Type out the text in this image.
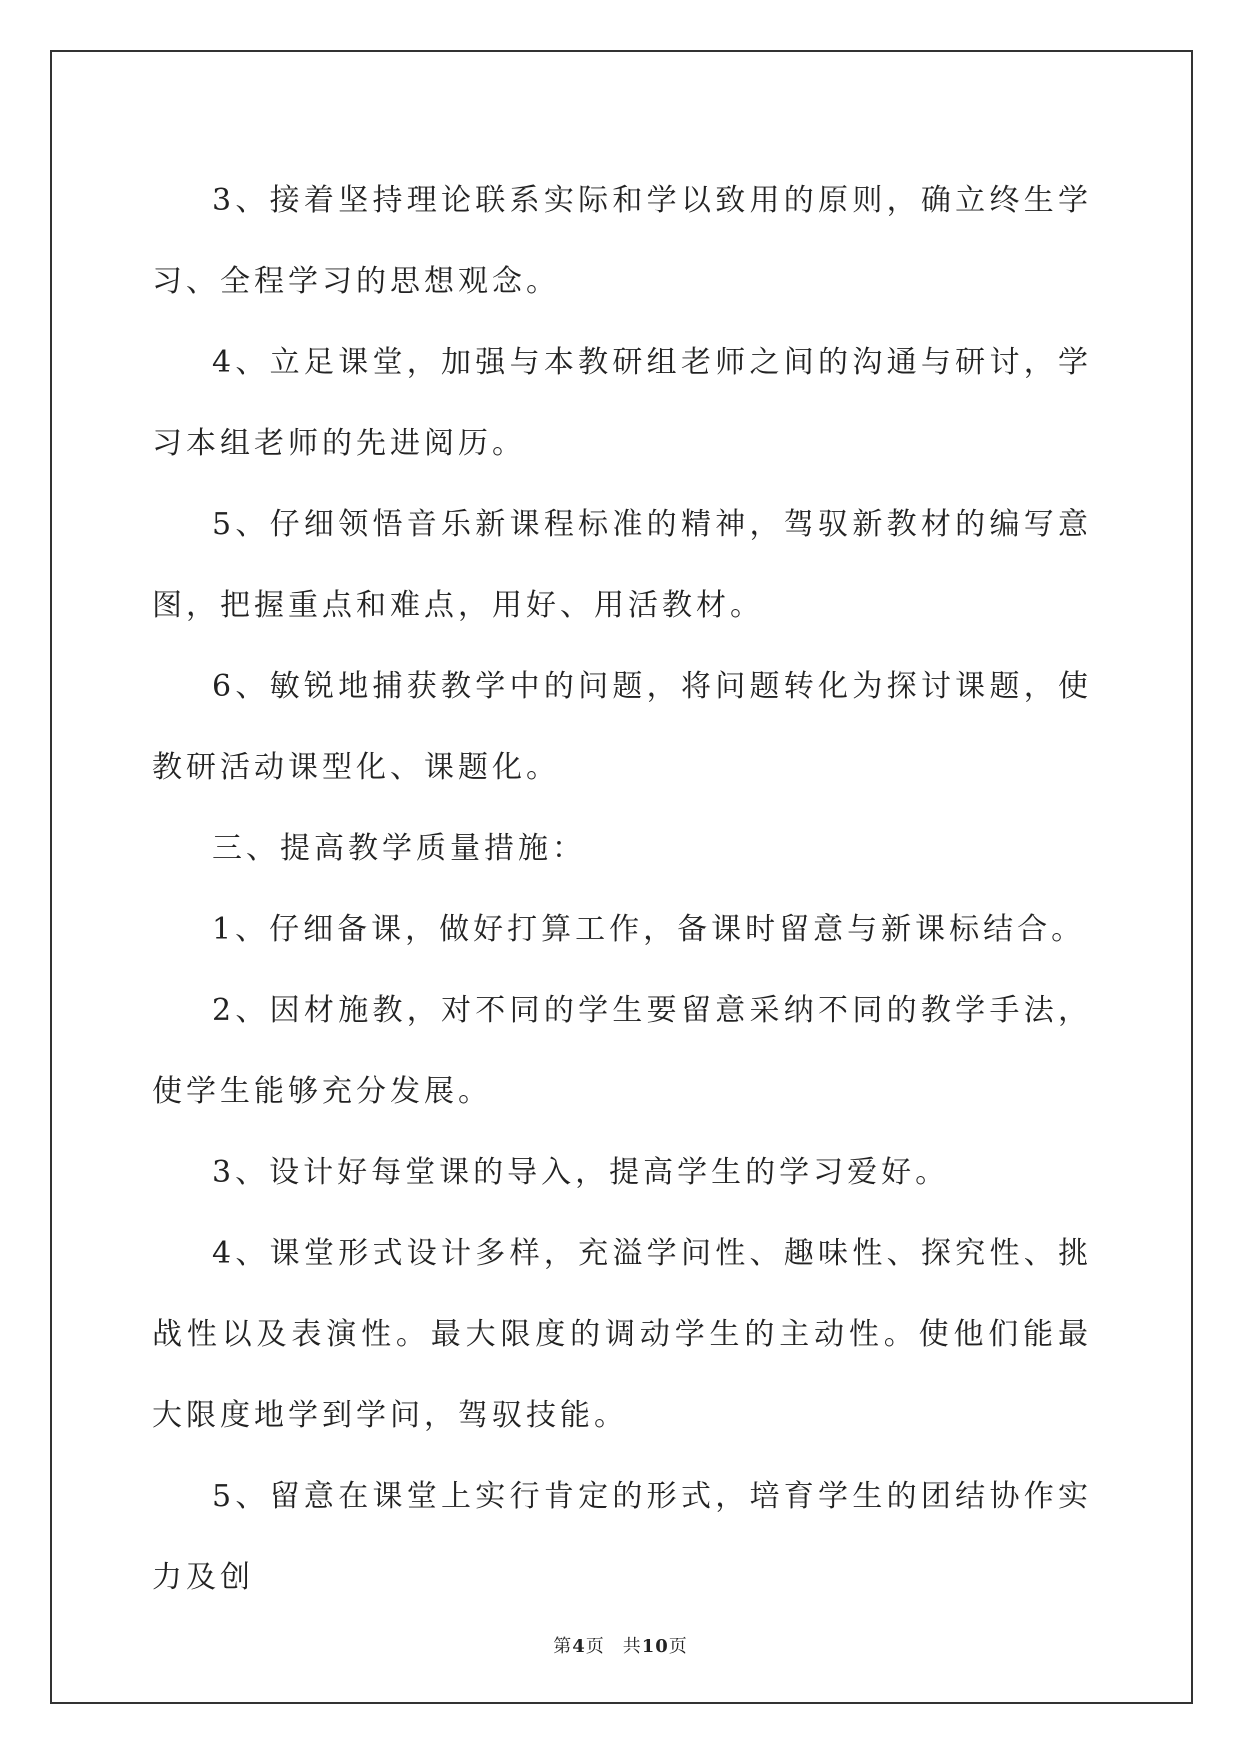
3、接着坚持理论联系实际和学以致用的原则，确立终生学习、全程学习的思想观念。

4、立足课堂，加强与本教研组老师之间的沟通与研讨，学习本组老师的先进阅历。

5、仔细领悟音乐新课程标准的精神，驾驭新教材的编写意图，把握重点和难点，用好、用活教材。

6、敏锐地捕获教学中的问题，将问题转化为探讨课题，使教研活动课型化、课题化。

三、提高教学质量措施：

1、仔细备课，做好打算工作，备课时留意与新课标结合。

2、因材施教，对不同的学生要留意采纳不同的教学手法，使学生能够充分发展。

3、设计好每堂课的导入，提高学生的学习爱好。

4、课堂形式设计多样，充溢学问性、趣味性、探究性、挑战性以及表演性。最大限度的调动学生的主动性。使他们能最大限度地学到学问，驾驭技能。

5、留意在课堂上实行肯定的形式，培育学生的团结协作实力及创

第4页 共10页
